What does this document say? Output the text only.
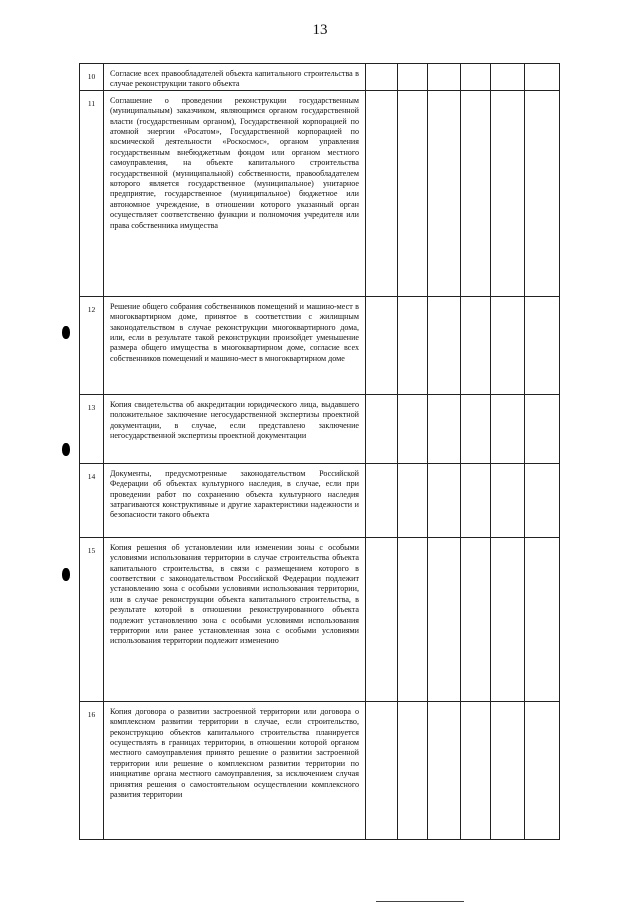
13
10	Согласие всех правообладателей объекта капитального строительства в случае реконструкции такого объекта						

11	Соглашение о проведении реконструкции государственным (муниципальным) заказчиком, являющимся органом государственной власти (государственным органом), Государственной корпорацией по атомной энергии «Росатом», Государственной корпорацией по космической деятельности «Роскосмос», органом управления государственным внебюджетным фондом или органом местного самоуправления, на объекте капитального строительства государственной (муниципальной) собственности, правообладателем которого является государственное (муниципальное) унитарное предприятие, государственное (муниципальное) бюджетное или автономное учреждение, в отношении которого указанный орган осуществляет соответственно функции и полномочия учредителя или права собственника имущества						

12	Решение общего собрания собственников помещений и машино-мест в многоквартирном доме, принятое в соответствии с жилищным законодательством в случае реконструкции многоквартирного дома, или, если в результате такой реконструкции произойдет уменьшение размера общего имущества в многоквартирном доме, согласие всех собственников помещений и машино-мест в многоквартирном доме						

13	Копия свидетельства об аккредитации юридического лица, выдавшего положительное заключение негосударственной экспертизы проектной документации, в случае, если представлено заключение негосударственной экспертизы проектной документации						

14	Документы, предусмотренные законодательством Российской Федерации об объектах культурного наследия, в случае, если при проведении работ по сохранению объекта культурного наследия затрагиваются конструктивные и другие характеристики надежности и безопасности такого объекта						

15	Копия решения об установлении или изменении зоны с особыми условиями использования территории в случае строительства объекта капитального строительства, в связи с размещением которого в соответствии с законодательством Российской Федерации подлежит установлению зона с особыми условиями использования территории, или в случае реконструкции объекта капитального строительства, в результате которой в отношении реконструированного объекта подлежит установлению зона с особыми условиями использования территории или ранее установленная зона с особыми условиями использования территории подлежит изменению						

16	Копия договора о развитии застроенной территории или договора о комплексном развитии территории в случае, если строительство, реконструкцию объектов капитального строительства планируется осуществлять в границах территории, в отношении которой органом местного самоуправления принято решение о развитии застроенной территории или решение о комплексном развитии территории по инициативе органа местного самоуправления, за исключением случая принятия решения о самостоятельном осуществлении комплексного развития территории						
